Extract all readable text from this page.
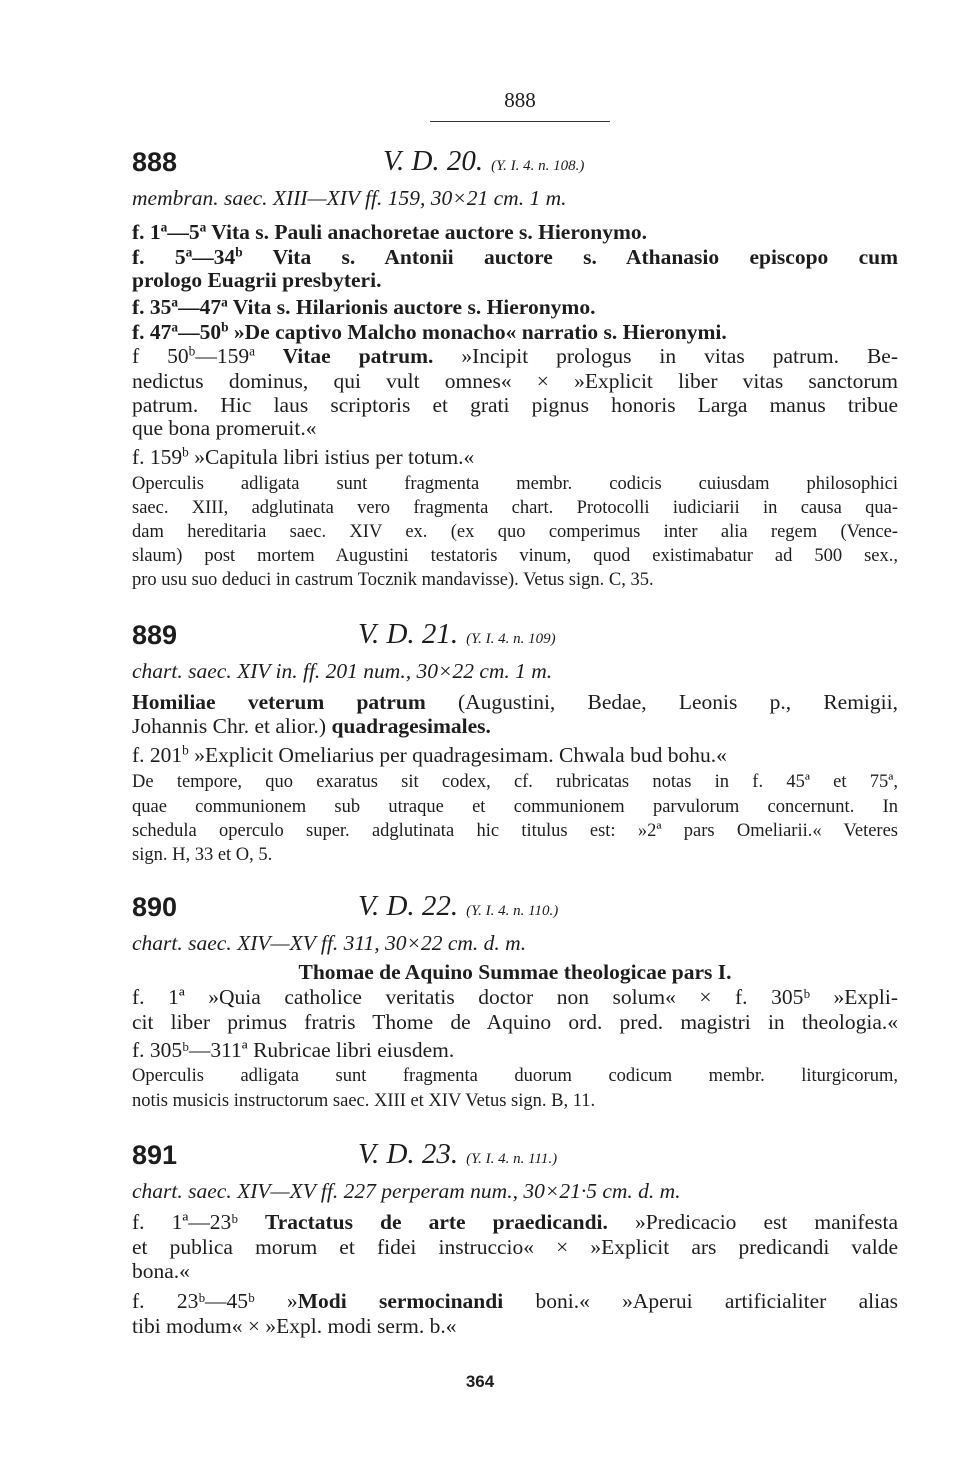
888
888	V. D. 20. (Y. I. 4. n. 108.)
membran. saec. XIII—XIV ff. 159, 30×21 cm. 1 m.
f. 1$^a$—5$^a$ Vita s. Pauli anachoretae auctore s. Hieronymo.
f. 5$^a$—34$^b$ Vita s. Antonii auctore s. Athanasio episcopo cum
prologo Euagrii presbyteri.
f. 35$^a$—47$^a$ Vita s. Hilarionis auctore s. Hieronymo.
f. 47$^a$—50$^b$ »De captivo Malcho monacho« narratio s. Hieronymi.
f 50$^b$—159$^a$ Vitae patrum. »Incipit prologus in vitas patrum. Be-
nedictus dominus, qui vult omnes« × »Explicit liber vitas sanctorum
patrum. Hic laus scriptoris et grati pignus honoris Larga manus tribue
que bona promeruit.«
f. 159$^b$ »Capitula libri istius per totum.«
Operculis adligata sunt fragmenta membr. codicis cuiusdam philosophici
saec. XIII, adglutinata vero fragmenta chart. Protocolli iudiciarii in causa qua-
dam hereditaria saec. XIV ex. (ex quo comperimus inter alia regem (Vence-
slaum) post mortem Augustini testatoris vinum, quod existimabatur ad 500 sex.,
pro usu suo deduci in castrum Tocznik mandavisse). Vetus sign. C, 35.
889	V. D. 21. (Y. I. 4. n. 109)
chart. saec. XIV in. ff. 201 num., 30×22 cm. 1 m.
Homiliae veterum patrum (Augustini, Bedae, Leonis p., Remigii,
Johannis Chr. et alior.) quadragesimales.
f. 201$^b$ »Explicit Omeliarius per quadragesimam. Chwala bud bohu.«
De tempore, quo exaratus sit codex, cf. rubricatas notas in f. 45ª et 75ª,
quae communionem sub utraque et communionem parvulorum concernunt. In
schedula operculo super. adglutinata hic titulus est: »2ª pars Omeliarii.« Veteres
sign. H, 33 et O, 5.
890	V. D. 22. (Y. I. 4. n. 110.)
chart. saec. XIV—XV ff. 311, 30×22 cm. d. m.
Thomae de Aquino Summae theologicae pars I.
f. 1ª »Quia catholice veritatis doctor non solum« × f. 305ᵇ »Expli-
cit liber primus fratris Thome de Aquino ord. pred. magistri in theologia.«
f. 305ᵇ—311ª Rubricae libri eiusdem.
Operculis adligata sunt fragmenta duorum codicum membr. liturgicorum,
notis musicis instructorum saec. XIII et XIV Vetus sign. B, 11.
891	V. D. 23. (Y. I. 4. n. 111.)
chart. saec. XIV—XV ff. 227 perperam num., 30×21·5 cm. d. m.
f. 1ª—23ᵇ Tractatus de arte praedicandi. »Predicacio est manifesta
et publica morum et fidei instruccio« × »Explicit ars predicandi valde
bona.«
f. 23ᵇ—45ᵇ »Modi sermocinandi boni.« »Aperui artificialiter alias
tibi modum« × »Expl. modi serm. b.«
364
